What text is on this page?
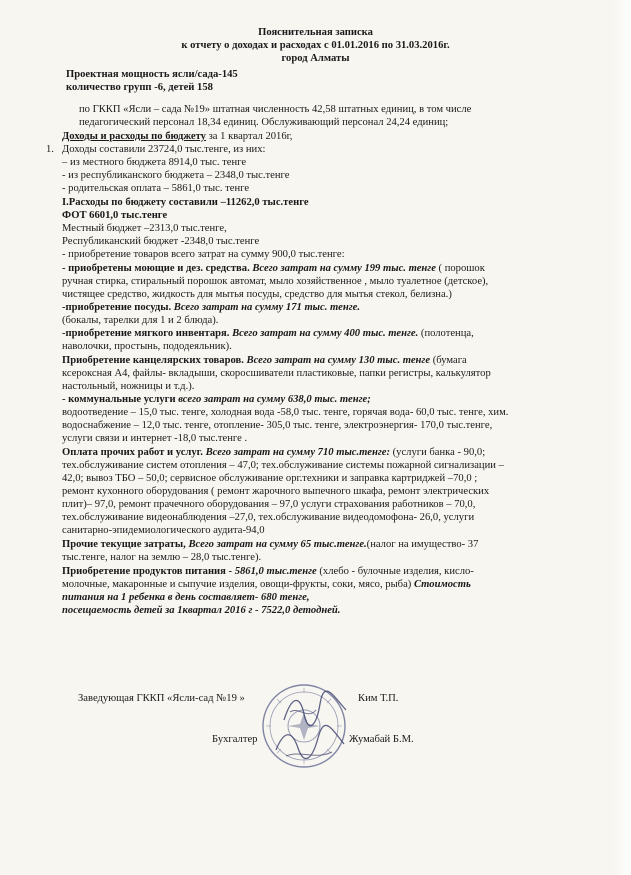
Пояснительная записка
к отчету о доходах и расходах с 01.01.2016 по 31.03.2016г.
город Алматы
Проектная мощность ясли/сада-145
количество групп -6, детей 158
по ГККП «Ясли – сада №19» штатная численность 42,58 штатных единиц, в том числе
педагогический персонал 18,34 единиц. Обслуживающий персонал 24,24 единиц;
Доходы и расходы по бюджету за 1 квартал 2016г,
1. Доходы составили 23724,0 тыс.тенге, из них:
– из местного бюджета 8914,0 тыс. тенге
- из республиканского бюджета – 2348,0 тыс.тенге
- родительская оплата – 5861,0 тыс. тенге
I.Расходы по бюджету составили –11262,0 тыс.тенге
ФОТ 6601,0 тыс.тенге
Местный бюджет –2313,0 тыс.тенге,
Республиканский бюджет -2348,0 тыс.тенге
- приобретение товаров всего затрат на сумму 900,0 тыс.тенге:
- приобретены моющие и дез. средства. Всего затрат на сумму 199 тыс. тенге ( порошок
ручная стирка, стиральный порошок автомат, мыло хозяйственное , мыло туалетное (детское),
чистящее средство, жидкость для мытья посуды, средство для мытья стекол, белизна.)
-приобретение посуды. Всего затрат на сумму 171 тыс. тенге.
(бокалы, тарелки для 1 и 2 блюда).
-приобретение мягкого инвентаря. Всего затрат на сумму 400 тыс. тенге. (полотенца,
наволочки, простынь, пододеяльник).
Приобретение канцелярских товаров. Всего затрат на сумму 130 тыс. тенге (бумага
ксероксная А4, файлы- вкладыши, скоросшиватели пластиковые, папки регистры, калькулятор
настольный, ножницы и т.д.).
- коммунальные услуги всего затрат на сумму 638,0 тыс. тенге;
водоотведение – 15,0 тыс. тенге, холодная вода -58,0 тыс. тенге, горячая вода- 60,0 тыс. тенге, хим.
водоснабжение – 12,0 тыс. тенге, отопление- 305,0 тыс. тенге, электроэнергия- 170,0 тыс.тенге,
услуги связи и интернет -18,0 тыс.тенге .
Оплата прочих работ и услуг. Всего затрат на сумму 710 тыс.тенге: (услуги банка - 90,0;
тех.обслуживание систем отопления – 47,0; тех.обслуживание системы пожарной сигнализации –
42,0; вывоз ТБО – 50,0; сервисное обслуживание орг.техники и заправка картриджей –70,0 ;
ремонт кухонного оборудования ( ремонт жарочного выпечного шкафа, ремонт электрических
плит)– 97,0, ремонт прачечного оборудования – 97,0 услуги страхования работников – 70,0,
тех.обслуживание видеонаблюдения –27,0, тех.обслуживание видеодомофона- 26,0, услуги
санитарно-эпидемиологического аудита-94,0
Прочие текущие затраты, Всего затрат на сумму 65 тыс.тенге.(налог на имущество- 37
тыс.тенге, налог на землю – 28,0 тыс.тенге).
Приобретение продуктов питания - 5861,0 тыс.тенге (хлебо - булочные изделия, кисло-
молочные, макаронные и сыпучие изделия, овощи-фрукты, соки, мясо, рыба) Стоимость
питания на 1 ребенка в день составляет- 680 тенге,
посещаемость детей за 1квартал 2016 г - 7522,0 детодней.
Заведующая ГККП «Ясли-сад №19 »	Ким Т.П.
Бухгалтер	Жумабай Б.М.
